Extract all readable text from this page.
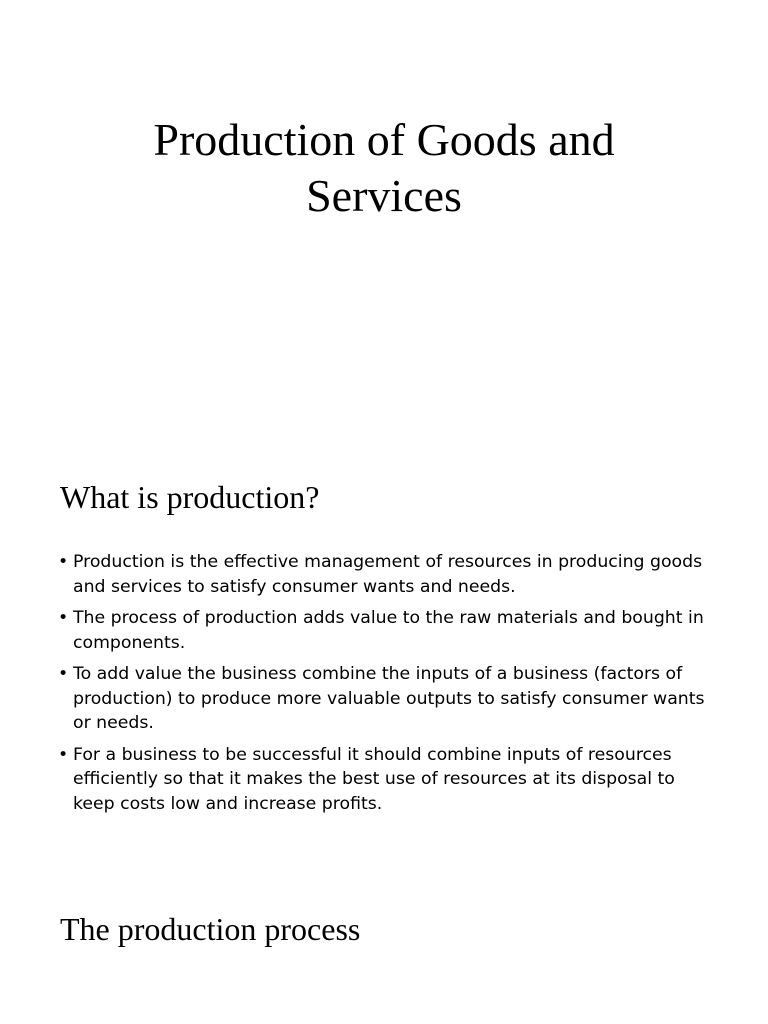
Production of Goods and
Services
What is production?
• Production is the effective management of resources in producing goods and services to satisfy consumer wants and needs.
• The process of production adds value to the raw materials and bought in components.
• To add value the business combine the inputs of a business (factors of production) to produce more valuable outputs to satisfy consumer wants or needs.
• For a business to be successful it should combine inputs of resources efficiently so that it makes the best use of resources at its disposal to keep costs low and increase profits.
The production process
